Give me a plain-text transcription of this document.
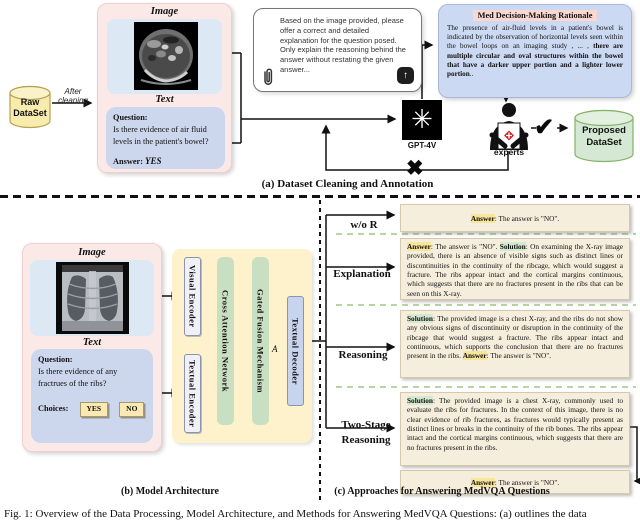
Raw
DataSet
After cleaning
Image
Text
Question:
Is there evidence of air fluid levels in the patient's bowel?
Answer: YES
Based on the image provided, please offer a correct and detailed explanation for the question posed. Only explain the reasoning behind the answer without restating the given answer...
↑
✳
GPT-4V
Med Decision-Making Rationale
The presence of air-fluid levels in a patient's bowel is indicated by the observation of horizontal levels seen within the bowel loops on an imaging study , ... , there are multiple circular and oval structures within the bowel that have a darker upper portion and a lighter lower portion..
experts
✔
✖
Proposed
DataSet
(a) Dataset Cleaning and Annotation
Image
Text
Question:
Is there evidence of any fractrues of the ribs?
Choices: YES	NO
Visual Encoder
Textual Encoder
Cross Attention Network	Gated Fusion Mechanism	Textual Decoder
A
(b) Model Architecture
w/o R
Answer: The answer is "NO".
Explanation
Answer: The answer is "NO". Solution: On examining the X-ray image provided, there is an absence of visible signs such as distinct lines or discontinuities in the continuity of the ribcage, which would suggest a fracture. The ribs appear intact and the cortical margins continuous, which suggests that there are no fractures present in the ribs that can be seen on this X-ray.
Reasoning
Solution: The provided image is a chest X-ray, and the ribs do not show any obvious signs of discontinuity or disruption in the continuity of the ribcage that would suggest a fracture. The ribs appear intact and continuous, which supports the conclusion that there are no fractures present in the ribs. Answer: The answer is "NO".
Two-Stage
Reasoning
Solution: The provided image is a chest X-ray, commonly used to evaluate the ribs for fractures. In the context of this image, there is no clear evidence of rib fractures, as fractures would typically present as distinct lines or breaks in the continuity of the rib bones. The ribs appear intact and the cortical margins continuous, which suggests that there are no fractures present in the ribs.
Answer: The answer is "NO".
(c) Approaches for Answering MedVQA Questions
Fig. 1: Overview of the Data Processing, Model Architecture, and Methods for Answering MedVQA Questions: (a) outlines the data
